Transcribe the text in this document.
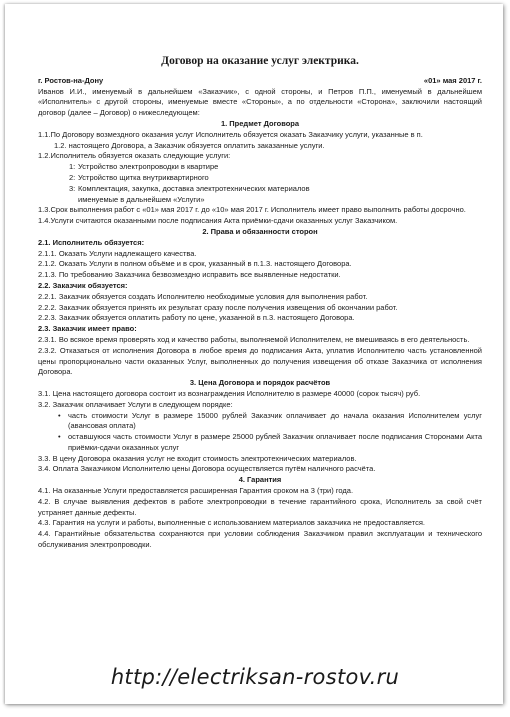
Договор на оказание услуг электрика.
г. Ростов-на-Дону	«01» мая 2017 г.
Иванов И.И., именуемый в дальнейшем «Заказчик», с одной стороны, и Петров П.П., именуемый в дальнейшем «Исполнитель» с другой стороны, именуемые вместе «Стороны», а по отдельности «Сторона», заключили настоящий договор (далее – Договор) о нижеследующем:
1. Предмет Договора
1.1.По Договору возмездного оказания услуг Исполнитель обязуется оказать Заказчику услуги, указанные в п.
1.2. настоящего Договора, а Заказчик обязуется оплатить заказанные услуги.
1.2.Исполнитель обязуется оказать следующие услуги:
1: Устройство электропроводки в квартире
2: Устройство щитка внутриквартирного
3: Комплектация, закупка, доставка электротехнических материалов
именуемые в дальнейшем «Услуги»
1.3.Срок выполнения работ с «01» мая 2017 г. до «10» мая 2017 г. Исполнитель имеет право выполнить работы досрочно.
1.4.Услуги считаются оказанными после подписания Акта приёмки-сдачи оказанных услуг Заказчиком.
2. Права и обязанности сторон
2.1. Исполнитель обязуется:
2.1.1. Оказать Услуги надлежащего качества.
2.1.2. Оказать Услуги в полном объёме и в срок, указанный в п.1.3. настоящего Договора.
2.1.3. По требованию Заказчика безвозмездно исправить все выявленные недостатки.
2.2. Заказчик обязуется:
2.2.1. Заказчик обязуется создать Исполнителю необходимые условия для выполнения работ.
2.2.2. Заказчик обязуется принять их результат сразу после получения извещения об окончании работ.
2.2.3. Заказчик обязуется оплатить работу по цене, указанной в п.3. настоящего Договора.
2.3. Заказчик имеет право:
2.3.1. Во всякое время проверять ход и качество работы, выполняемой Исполнителем, не вмешиваясь в его деятельность.
2.3.2. Отказаться от исполнения Договора в любое время до подписания Акта, уплатив Исполнителю часть установленной цены пропорционально части оказанных Услуг, выполненных до получения извещения об отказе Заказчика от исполнения Договора.
3. Цена Договора и порядок расчётов
3.1. Цена настоящего договора состоит из вознаграждения Исполнителю в размере 40000 (сорок тысяч) руб.
3.2. Заказчик оплачивает Услуги в следующем порядке:
• часть стоимости Услуг в размере 15000 рублей Заказчик оплачивает до начала оказания Исполнителем услуг (авансовая оплата)
• оставшуюся часть стоимости Услуг в размере 25000 рублей Заказчик оплачивает после подписания Сторонами Акта приёмки-сдачи оказанных услуг
3.3. В цену Договора оказания услуг не входит стоимость электротехнических материалов.
3.4. Оплата Заказчиком Исполнителю цены Договора осуществляется путём наличного расчёта.
4. Гарантия
4.1. На оказанные Услуги предоставляется расширенная Гарантия сроком на 3 (три) года.
4.2. В случае выявления дефектов в работе электропроводки в течение гарантийного срока, Исполнитель за свой счёт устраняет данные дефекты.
4.3. Гарантия на услуги и работы, выполненные с использованием материалов заказчика не предоставляется.
4.4. Гарантийные обязательства сохраняются при условии соблюдения Заказчиком правил эксплуатации и технического обслуживания электропроводки.
http://electriksan-rostov.ru
